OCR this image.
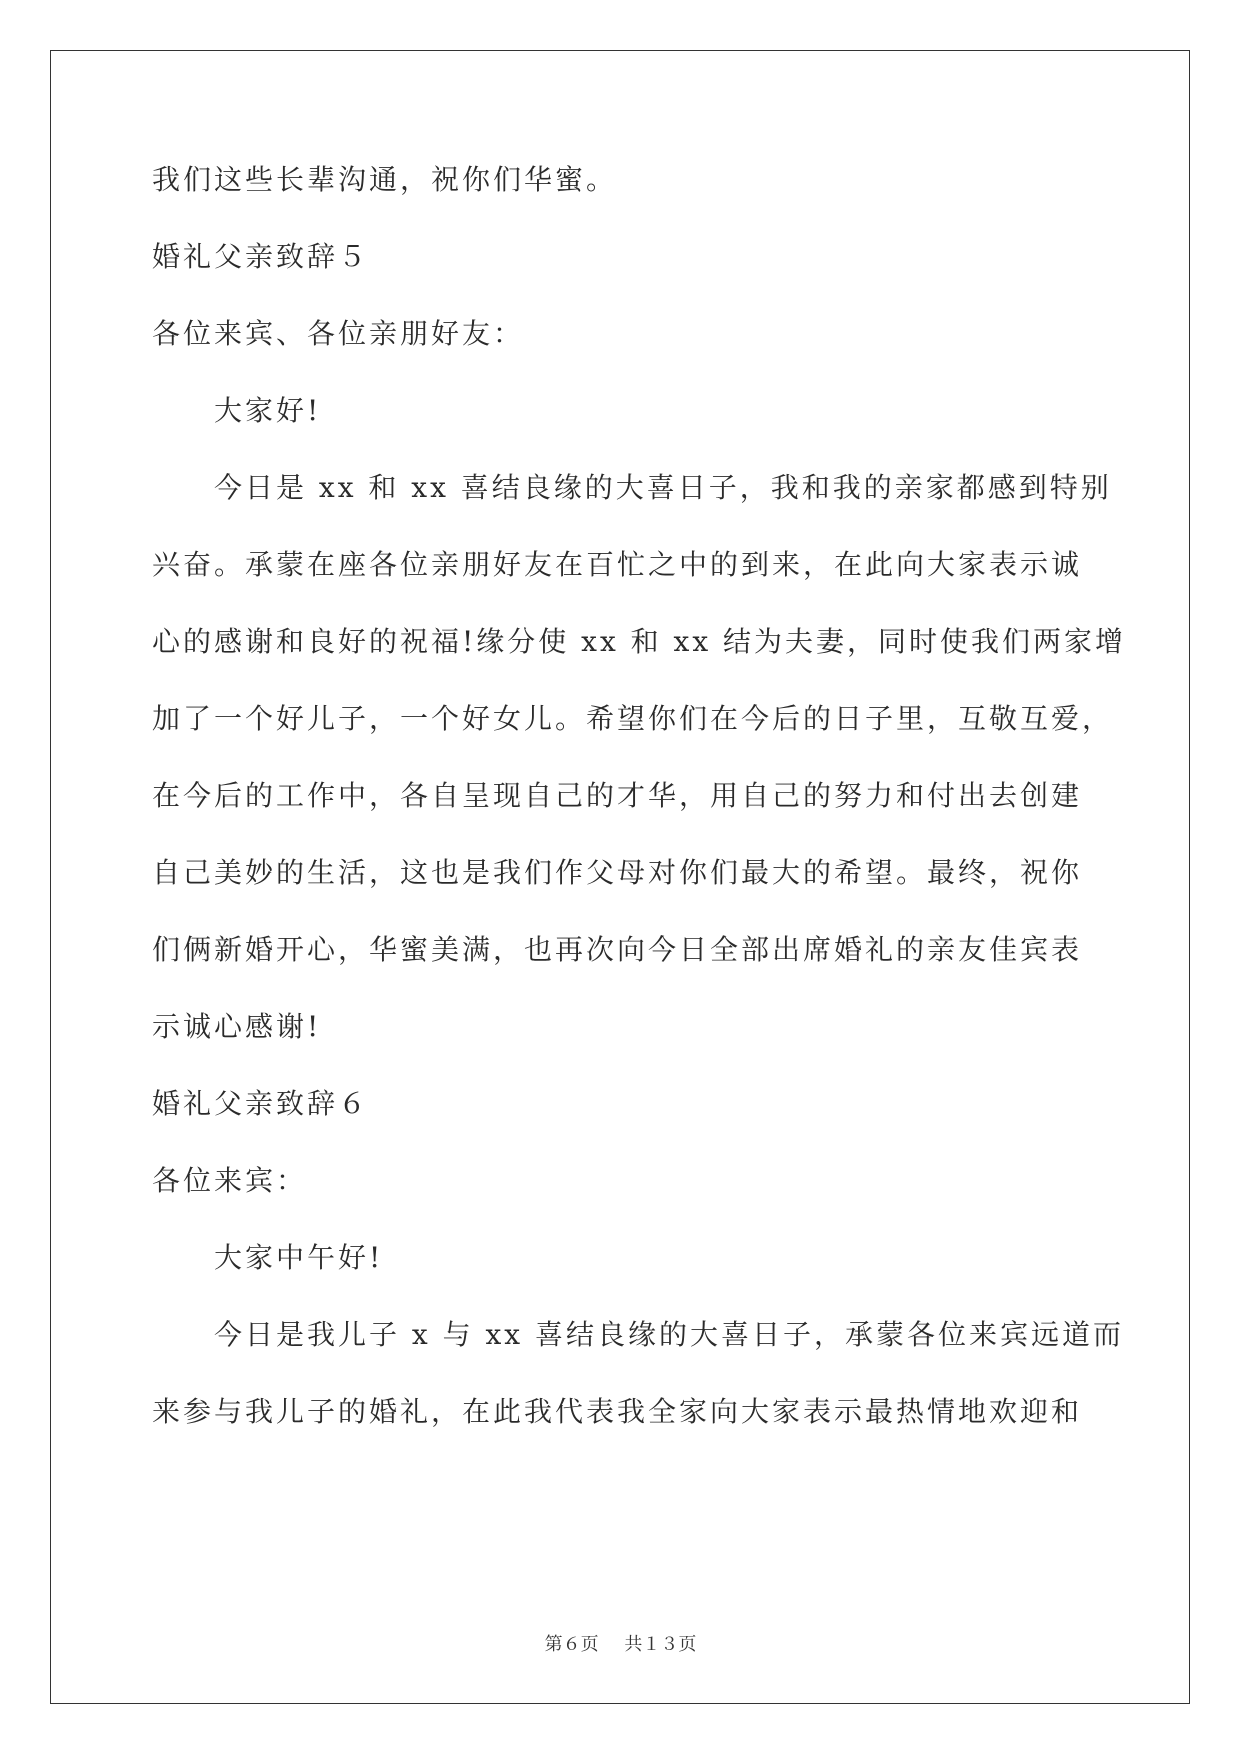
我们这些长辈沟通，祝你们华蜜。
婚礼父亲致辞５
各位来宾、各位亲朋好友：
大家好!
今日是 xx 和 xx 喜结良缘的大喜日子，我和我的亲家都感到特别
兴奋。承蒙在座各位亲朋好友在百忙之中的到来，在此向大家表示诚
心的感谢和良好的祝福!缘分使 xx 和 xx 结为夫妻，同时使我们两家增
加了一个好儿子，一个好女儿。希望你们在今后的日子里，互敬互爱，
在今后的工作中，各自呈现自己的才华，用自己的努力和付出去创建
自己美妙的生活，这也是我们作父母对你们最大的希望。最终，祝你
们俩新婚开心，华蜜美满，也再次向今日全部出席婚礼的亲友佳宾表
示诚心感谢!
婚礼父亲致辞６
各位来宾：
大家中午好!
今日是我儿子 x 与 xx 喜结良缘的大喜日子，承蒙各位来宾远道而
来参与我儿子的婚礼，在此我代表我全家向大家表示最热情地欢迎和
第６页 共１３页
